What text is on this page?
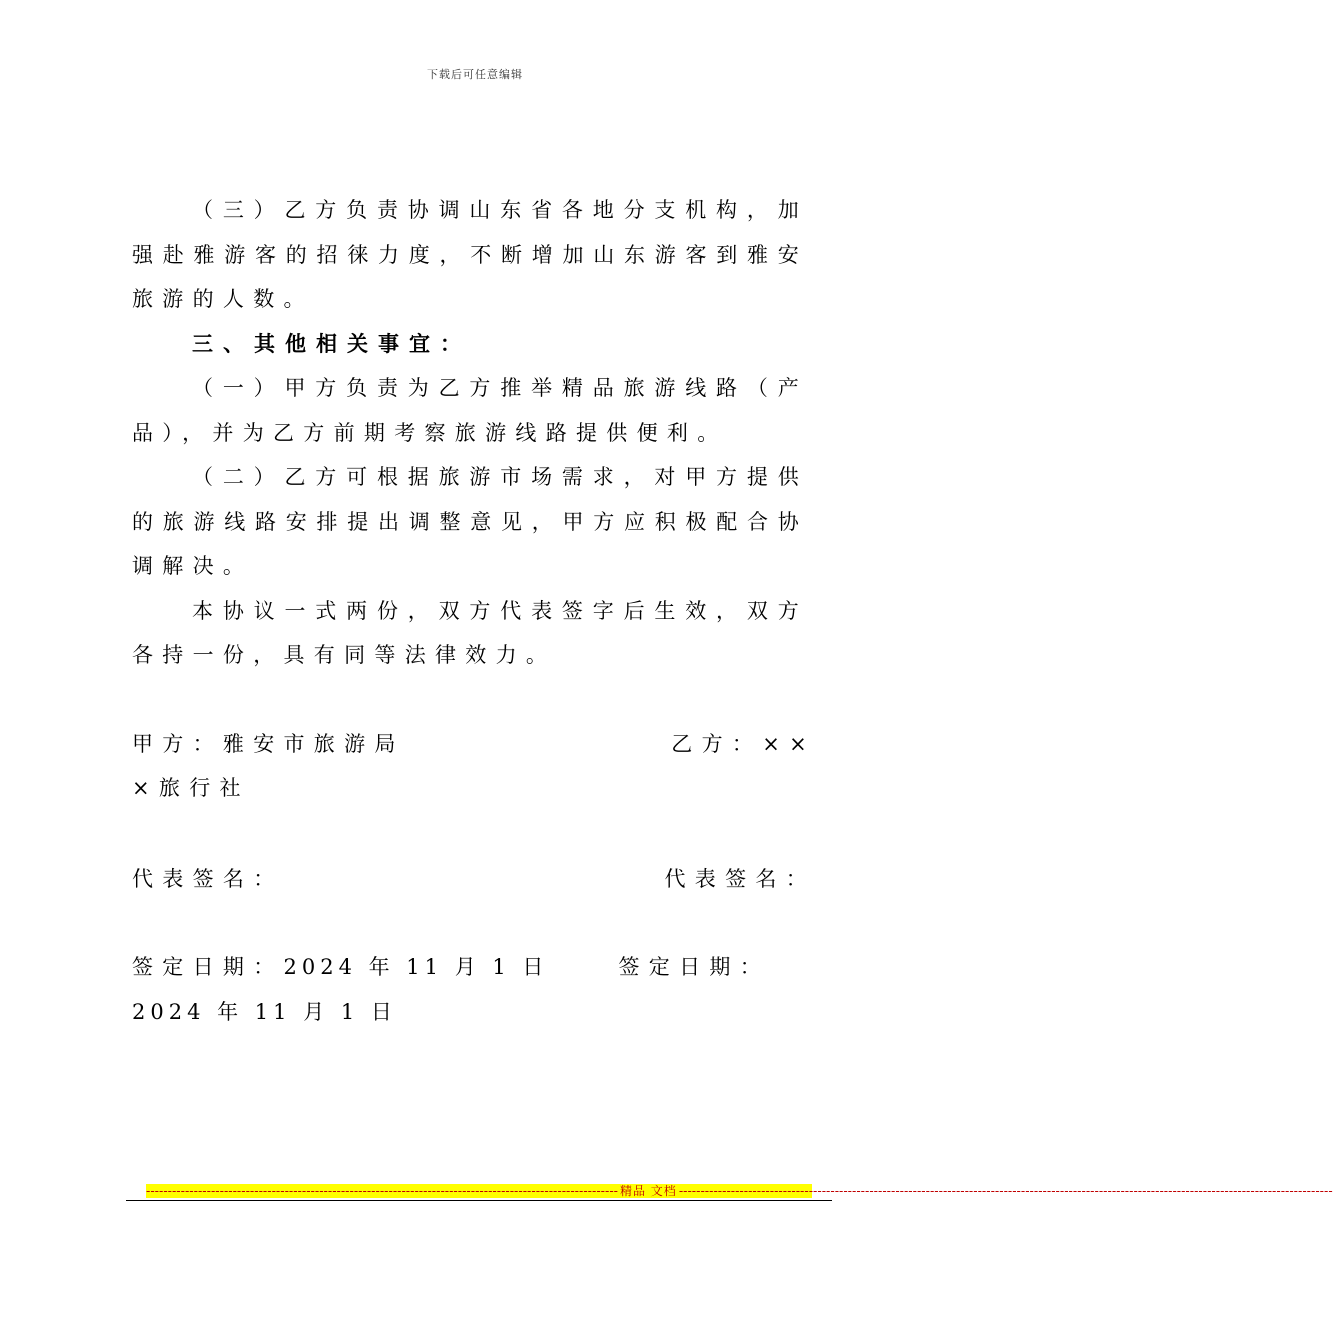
下载后可任意编辑

（三）乙方负责协调山东省各地分支机构，加强赴雅游客的招徕力度，不断增加山东游客到雅安旅游的人数。

三、其他相关事宜：

（一）甲方负责为乙方推举精品旅游线路（产品），并为乙方前期考察旅游线路提供便利。

（二）乙方可根据旅游市场需求，对甲方提供的旅游线路安排提出调整意见，甲方应积极配合协调解决。

本协议一式两份，双方代表签字后生效，双方各持一份，具有同等法律效力。

甲方：雅安市旅游局	乙方：××

×旅行社

代表签名：	代表签名：
签定日期：2024 年 11 月 1 日	签定日期：

2024 年 11 月 1 日

------------------------------------------------------------------------------------------------------------- 精品 文档 -------------------------------------------------------------------------------------------------------------------------------------------------------
